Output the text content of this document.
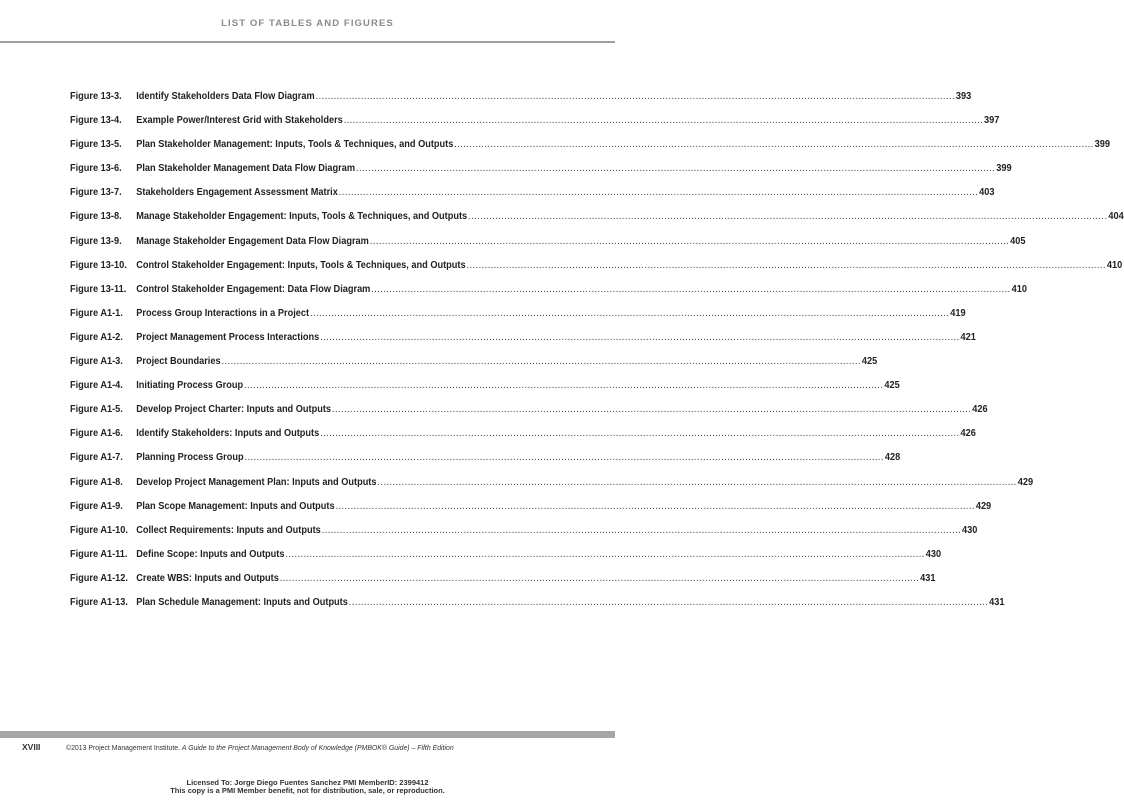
LIST OF TABLES AND FIGURES
Figure 13-3.	Identify Stakeholders Data Flow Diagram .....	393
Figure 13-4.	Example Power/Interest Grid with Stakeholders .....	397
Figure 13-5.	Plan Stakeholder Management: Inputs, Tools & Techniques, and Outputs .....	399
Figure 13-6.	Plan Stakeholder Management Data Flow Diagram .....	399
Figure 13-7.	Stakeholders Engagement Assessment Matrix .....	403
Figure 13-8.	Manage Stakeholder Engagement: Inputs, Tools & Techniques, and Outputs .....	404
Figure 13-9.	Manage Stakeholder Engagement Data Flow Diagram .....	405
Figure 13-10. Control Stakeholder Engagement: Inputs, Tools & Techniques, and Outputs .....	410
Figure 13-11. Control Stakeholder Engagement: Data Flow Diagram .....	410
Figure A1-1.	Process Group Interactions in a Project .....	419
Figure A1-2.	Project Management Process Interactions .....	421
Figure A1-3.	Project Boundaries .....	425
Figure A1-4.	Initiating Process Group .....	425
Figure A1-5.	Develop Project Charter: Inputs and Outputs .....	426
Figure A1-6.	Identify Stakeholders: Inputs and Outputs .....	426
Figure A1-7.	Planning Process Group .....	428
Figure A1-8.	Develop Project Management Plan: Inputs and Outputs .....	429
Figure A1-9.	Plan Scope Management: Inputs and Outputs .....	429
Figure A1-10. Collect Requirements: Inputs and Outputs .....	430
Figure A1-11. Define Scope: Inputs and Outputs .....	430
Figure A1-12. Create WBS: Inputs and Outputs .....	431
Figure A1-13. Plan Schedule Management: Inputs and Outputs .....	431
XVIII	©2013 Project Management Institute. A Guide to the Project Management Body of Knowledge (PMBOK® Guide) – Fifth Edition
Licensed To: Jorge Diego Fuentes Sanchez PMI MemberID: 2399412
This copy is a PMI Member benefit, not for distribution, sale, or reproduction.
